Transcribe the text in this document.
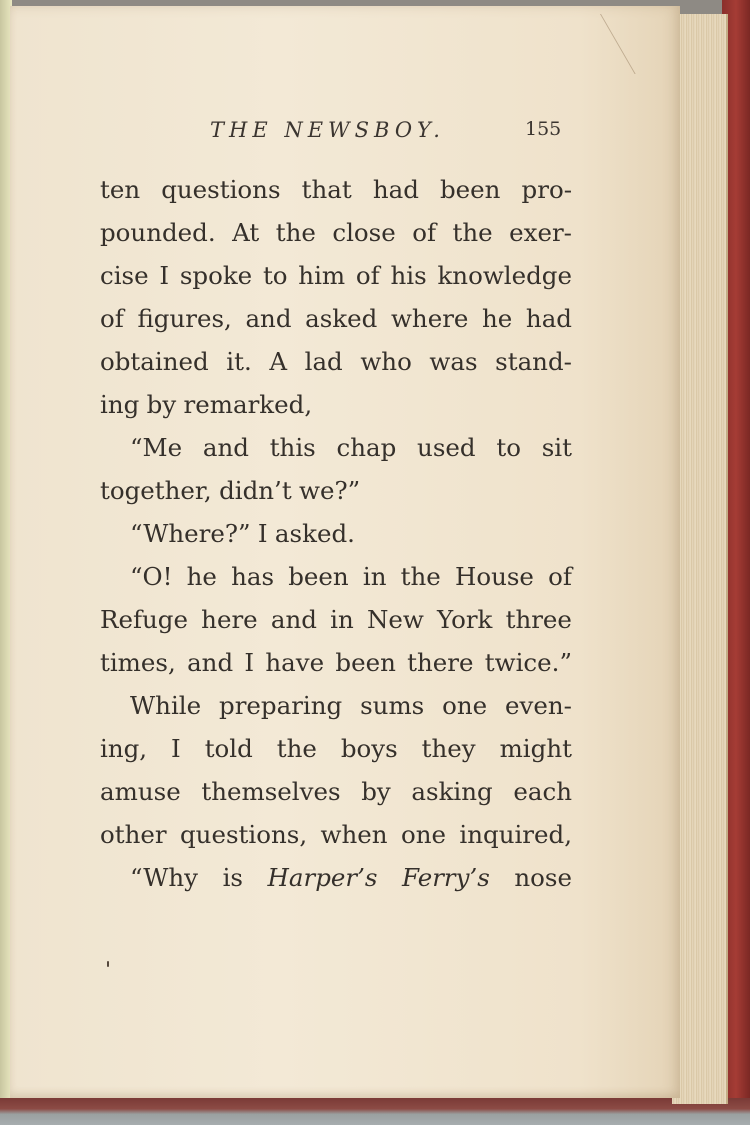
THE NEWSBOY.	155
ten questions that had been pro-
pounded. At the close of the exer-
cise I spoke to him of his knowledge
of figures, and asked where he had
obtained it. A lad who was stand-
ing by remarked,
“Me and this chap used to sit
together, didn’t we?”
“Where?” I asked.
“O! he has been in the House of
Refuge here and in New York three
times, and I have been there twice.”
While preparing sums one even-
ing, I told the boys they might
amuse themselves by asking each
other questions, when one inquired,
“Why is Harper’s Ferry’s nose
